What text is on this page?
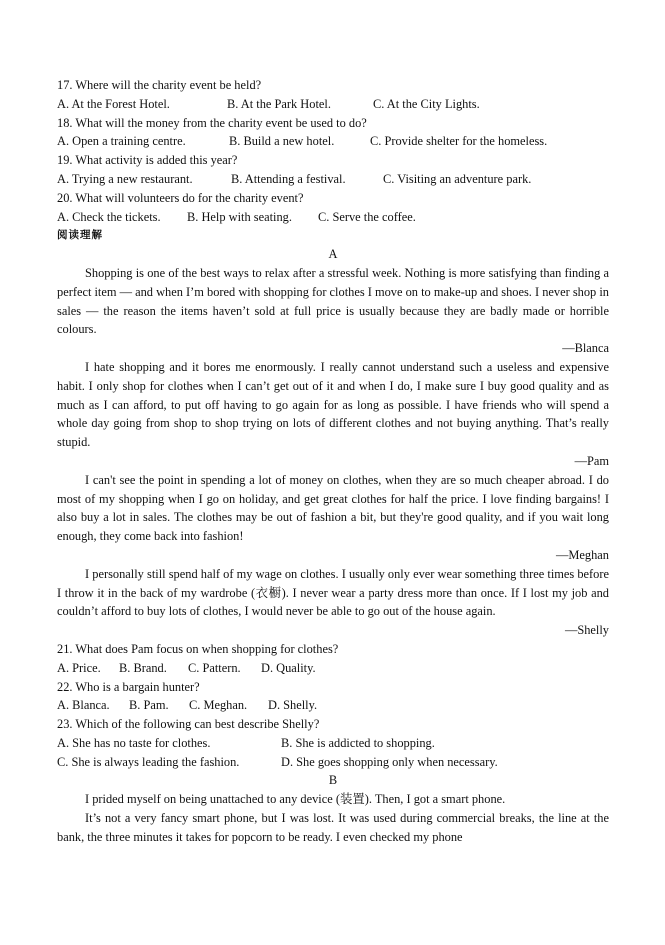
17. Where will the charity event be held?
A. At the Forest Hotel.	B. At the Park Hotel.	C. At the City Lights.
18. What will the money from the charity event be used to do?
A. Open a training centre.	B. Build a new hotel.	C. Provide shelter for the homeless.
19. What activity is added this year?
A. Trying a new restaurant.	B. Attending a festival.	C. Visiting an adventure park.
20. What will volunteers do for the charity event?
A. Check the tickets.	B. Help with seating.	C. Serve the coffee.
阅读理解
A

Shopping is one of the best ways to relax after a stressful week. Nothing is more satisfying than finding a perfect item — and when I’m bored with shopping for clothes I move on to make-up and shoes. I never shop in sales — the reason the items haven’t sold at full price is usually because they are badly made or horrible colours.

—Blanca

I hate shopping and it bores me enormously. I really cannot understand such a useless and expensive habit. I only shop for clothes when I can’t get out of it and when I do, I make sure I buy good quality and as much as I can afford, to put off having to go again for as long as possible. I have friends who will spend a whole day going from shop to shop trying on lots of different clothes and not buying anything. That’s really stupid.

—Pam

I can't see the point in spending a lot of money on clothes, when they are so much cheaper abroad. I do most of my shopping when I go on holiday, and get great clothes for half the price. I love finding bargains! I also buy a lot in sales. The clothes may be out of fashion a bit, but they're good quality, and if you wait long enough, they come back into fashion!

—Meghan

I personally still spend half of my wage on clothes. I usually only ever wear something three times before I throw it in the back of my wardrobe (衣橱). I never wear a party dress more than once. If I lost my job and couldn’t afford to buy lots of clothes, I would never be able to go out of the house again.

—Shelly
21. What does Pam focus on when shopping for clothes?
A. Price.	B. Brand.	C. Pattern.	D. Quality.
22. Who is a bargain hunter?
A. Blanca.	B. Pam.	C. Meghan.	D. Shelly.
23. Which of the following can best describe Shelly?
A. She has no taste for clothes.	B. She is addicted to shopping.
C. She is always leading the fashion.	D. She goes shopping only when necessary.
B

I prided myself on being unattached to any device (装置). Then, I got a smart phone.

It’s not a very fancy smart phone, but I was lost. It was used during commercial breaks, the line at the bank, the three minutes it takes for popcorn to be ready. I even checked my phone
